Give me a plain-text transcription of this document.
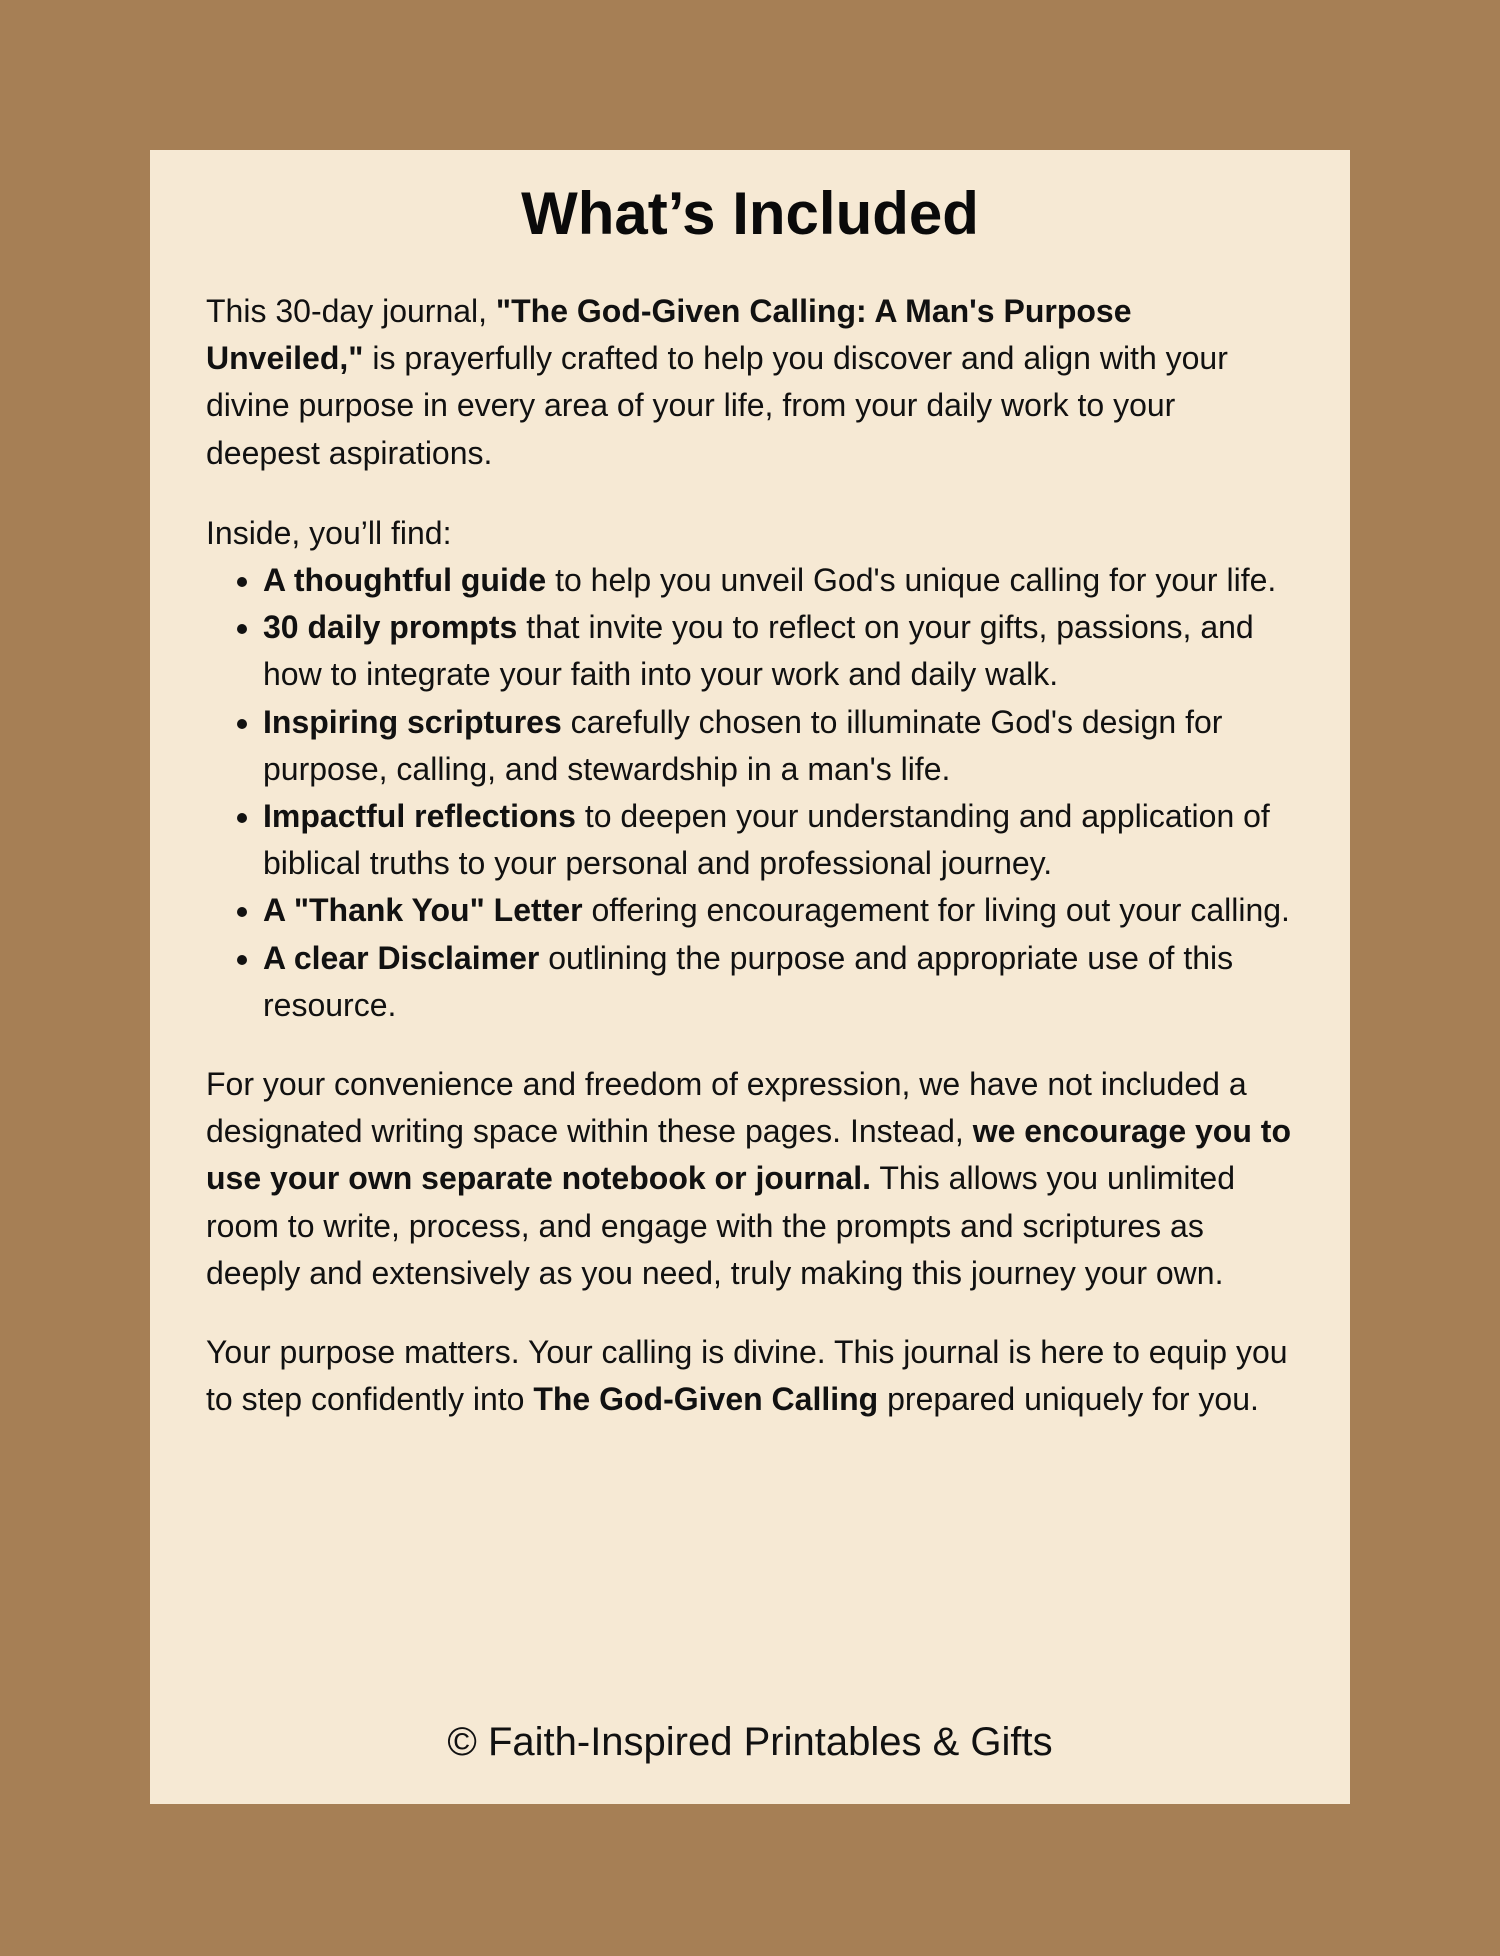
What’s Included

This 30-day journal, "The God-Given Calling: A Man's Purpose Unveiled," is prayerfully crafted to help you discover and align with your divine purpose in every area of your life, from your daily work to your deepest aspirations.

Inside, you’ll find:

• A thoughtful guide to help you unveil God's unique calling for your life.
• 30 daily prompts that invite you to reflect on your gifts, passions, and how to integrate your faith into your work and daily walk.
• Inspiring scriptures carefully chosen to illuminate God's design for purpose, calling, and stewardship in a man's life.
• Impactful reflections to deepen your understanding and application of biblical truths to your personal and professional journey.
• A "Thank You" Letter offering encouragement for living out your calling.
• A clear Disclaimer outlining the purpose and appropriate use of this resource.

For your convenience and freedom of expression, we have not included a designated writing space within these pages. Instead, we encourage you to use your own separate notebook or journal. This allows you unlimited room to write, process, and engage with the prompts and scriptures as deeply and extensively as you need, truly making this journey your own.

Your purpose matters. Your calling is divine. This journal is here to equip you to step confidently into The God-Given Calling prepared uniquely for you.

© Faith-Inspired Printables & Gifts
